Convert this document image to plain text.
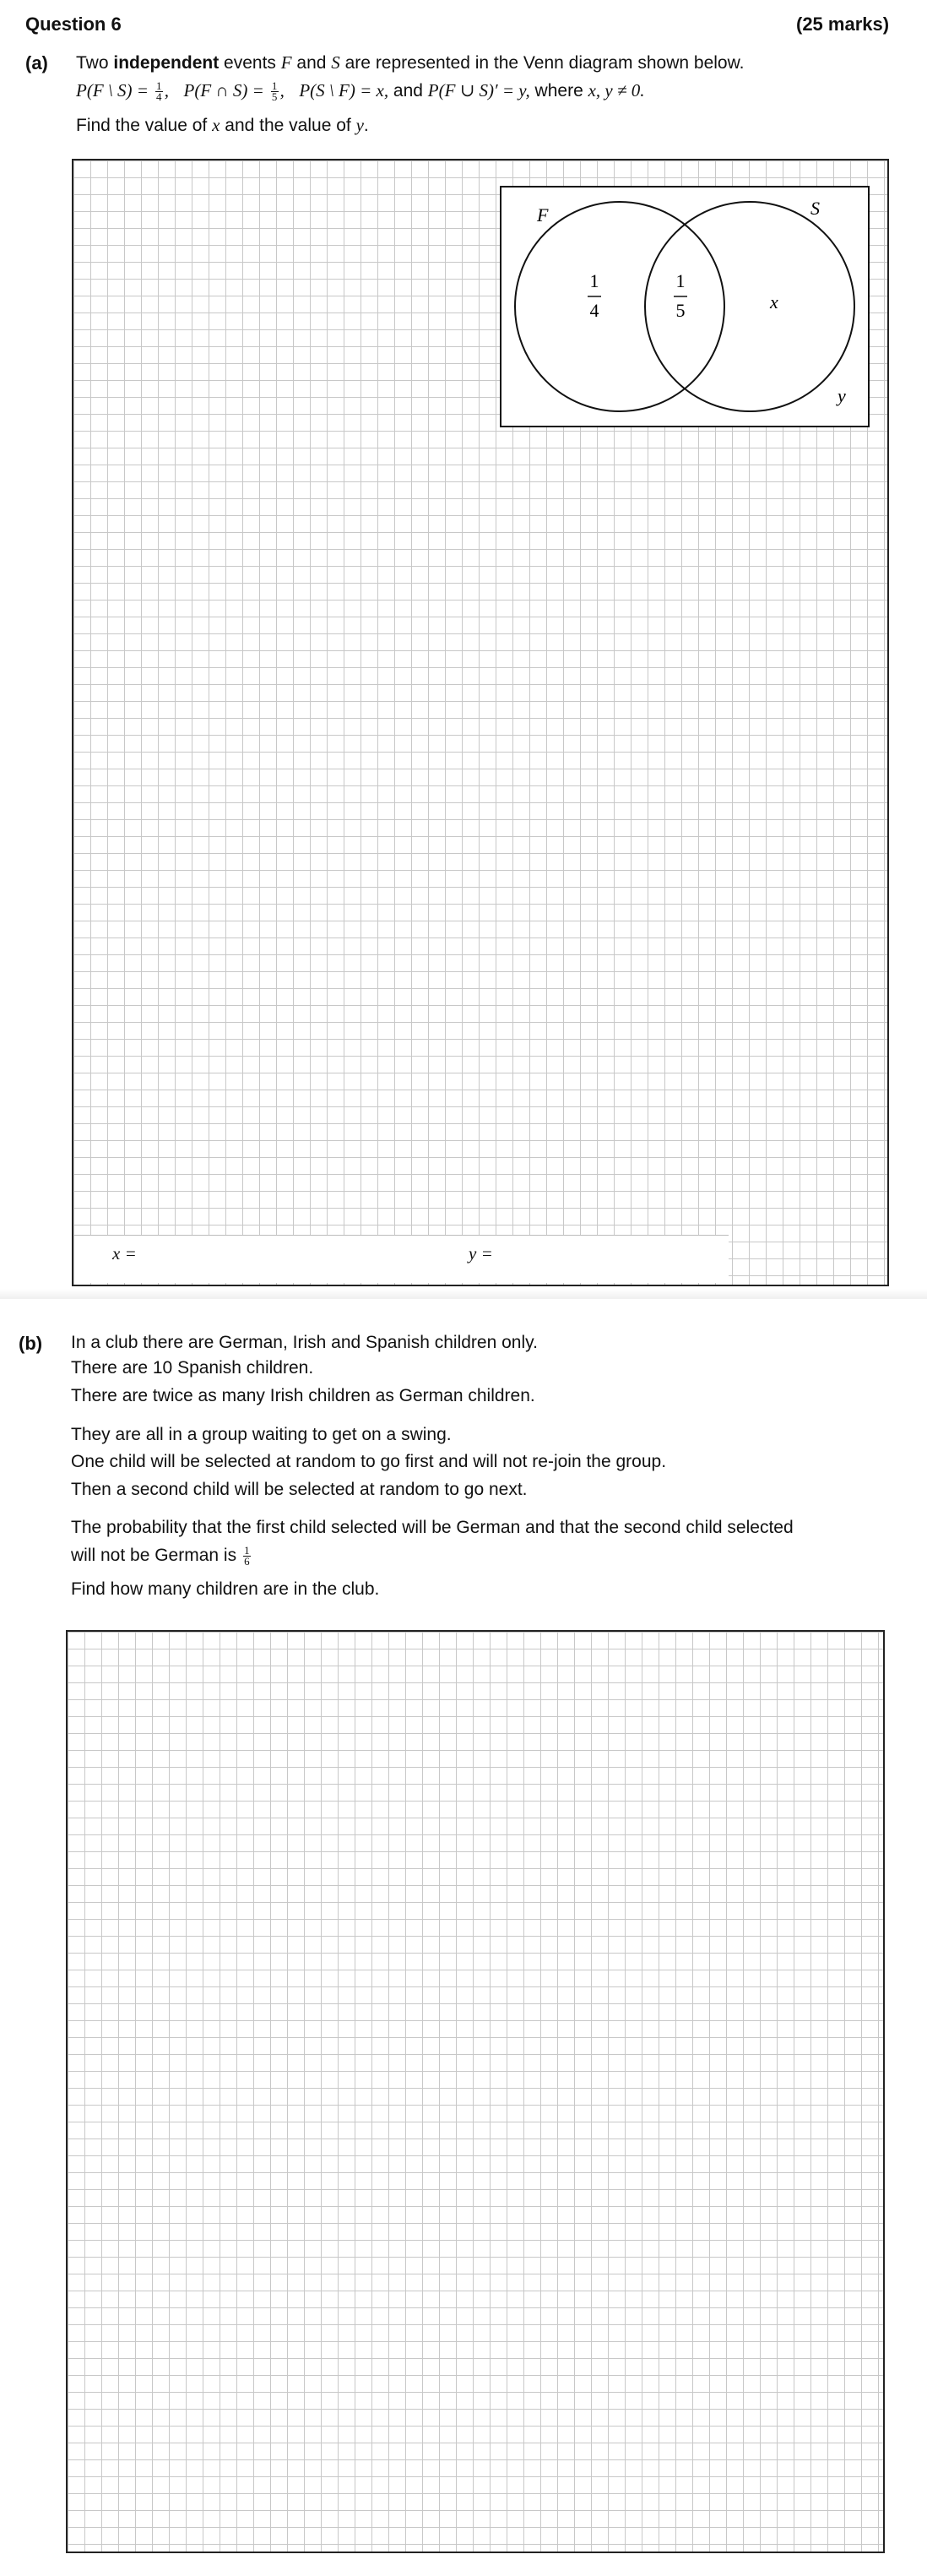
Question 6	(25 marks)
(a) Two independent events F and S are represented in the Venn diagram shown below.
P(F \ $S) = \frac{1}{4}$ , P(F ∩ $S) = \frac{1}{5}$ , P(S \ F) = x, and P(F ∪ S)′ = y, where x, y ≠ 0.
Find the value of x and the value of y.
F	S
1
4
1
5	x
y
x =	y =
(b) In a club there are German, Irish and Spanish children only.
There are 10 Spanish children.
There are twice as many Irish children as German children.
They are all in a group waiting to get on a swing.
One child will be selected at random to go first and will not re-join the group.
Then a second child will be selected at random to go next.
The probability that the first child selected will be German and that the second child selected
will not be German is $\frac{1}{6}$
Find how many children are in the club.
